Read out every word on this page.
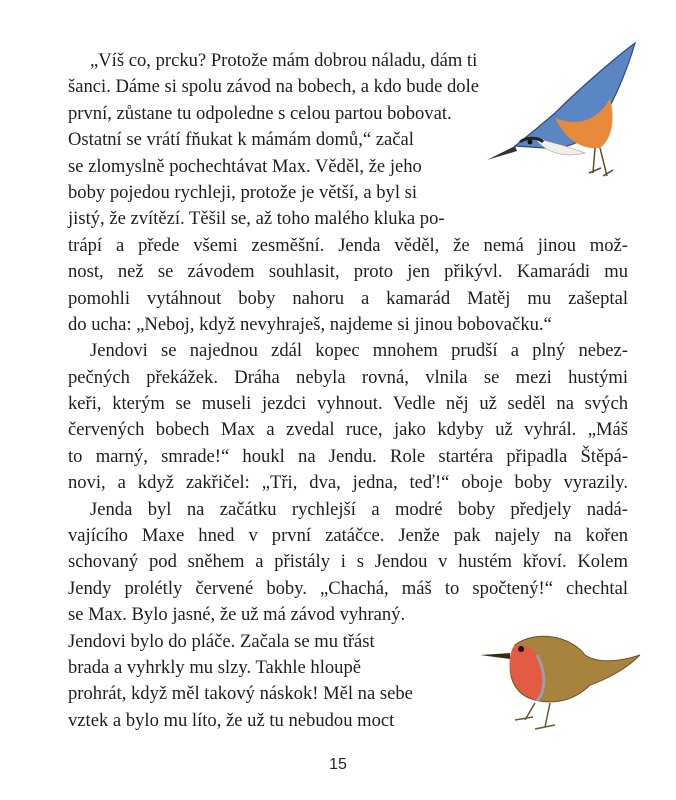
„Víš co, prcku? Protože mám dobrou náladu, dám ti
šanci. Dáme si spolu závod na bobech, a kdo bude dole
první, zůstane tu odpoledne s celou partou bobovat.
Ostatní se vrátí fňukat k mámám domů,“ začal
se zlomyslně pochechtávat Max. Věděl, že jeho
boby pojedou rychleji, protože je větší, a byl si
jistý, že zvítězí. Těšil se, až toho malého kluka po-
trápí a přede všemi zesměšní. Jenda věděl, že nemá jinou mož-
nost, než se závodem souhlasit, proto jen přikývl. Kamarádi mu
pomohli vytáhnout boby nahoru a kamarád Matěj mu zašeptal
do ucha: „Neboj, když nevyhraješ, najdeme si jinou bobovačku.“
Jendovi se najednou zdál kopec mnohem prudší a plný nebez-
pečných překážek. Dráha nebyla rovná, vlnila se mezi hustými
keři, kterým se museli jezdci vyhnout. Vedle něj už seděl na svých
červených bobech Max a zvedal ruce, jako kdyby už vyhrál. „Máš
to marný, smrade!“ houkl na Jendu. Role startéra připadla Štěpá-
novi, a když zakřičel: „Tři, dva, jedna, teď!“ oboje boby vyrazily.
Jenda byl na začátku rychlejší a modré boby předjely nadá-
vajícího Maxe hned v první zatáčce. Jenže pak najely na kořen
schovaný pod sněhem a přistály i s Jendou v hustém křoví. Kolem
Jendy prolétly červené boby. „Chachá, máš to spočtený!“ chechtal
se Max. Bylo jasné, že už má závod vyhraný.
Jendovi bylo do pláče. Začala se mu třást
brada a vyhrkly mu slzy. Takhle hloupě
prohrát, když měl takový náskok! Měl na sebe
vztek a bylo mu líto, že už tu nebudou moct
15
